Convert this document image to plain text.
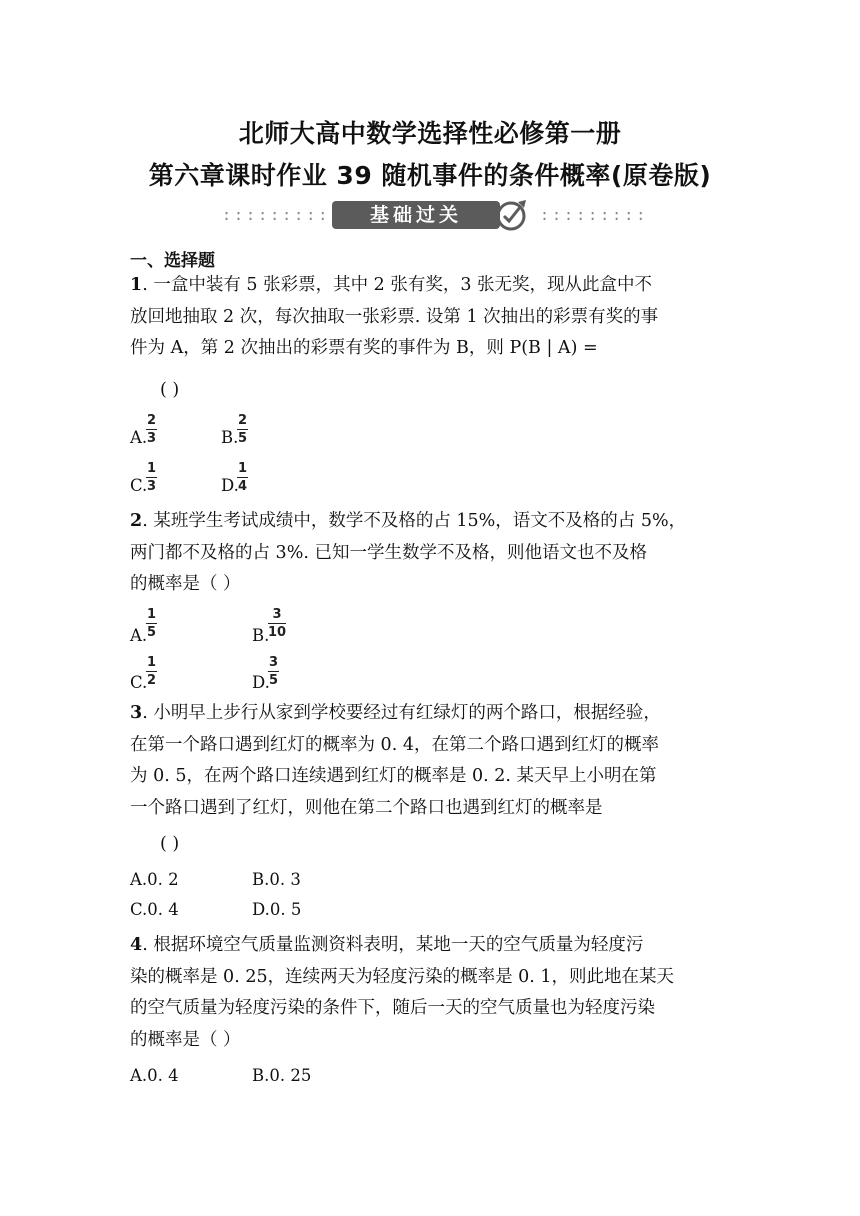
北师大高中数学选择性必修第一册
第六章课时作业 39 随机事件的条件概率(原卷版)
:::::::::	基础过关	:::::::::
一、选择题
1. 一盒中装有 5 张彩票，其中 2 张有奖，3 张无奖，现从此盒中不
放回地抽取 2 次，每次抽取一张彩票. 设第 1 次抽出的彩票有奖的事
件为 A，第 2 次抽出的彩票有奖的事件为 B，则 P(B | A) =
( )
A.
$\frac{2}{3}$	B.
$\frac{2}{5}$
C.
$\frac{1}{3}$	D.
$\frac{1}{4}$
2. 某班学生考试成绩中，数学不及格的占 15%，语文不及格的占 5%，
两门都不及格的占 3%. 已知一学生数学不及格，则他语文也不及格
的概率是（ ）
A.
$\frac{1}{5}$	B.
$\frac{3}{10}$
C.
$\frac{1}{2}$	D.
$\frac{3}{5}$
3. 小明早上步行从家到学校要经过有红绿灯的两个路口，根据经验，
在第一个路口遇到红灯的概率为 0. 4，在第二个路口遇到红灯的概率
为 0. 5，在两个路口连续遇到红灯的概率是 0. 2. 某天早上小明在第
一个路口遇到了红灯，则他在第二个路口也遇到红灯的概率是
( )
A.0. 2	B.0. 3
C.0. 4	D.0. 5
4. 根据环境空气质量监测资料表明，某地一天的空气质量为轻度污
染的概率是 0. 25，连续两天为轻度污染的概率是 0. 1，则此地在某天
的空气质量为轻度污染的条件下，随后一天的空气质量也为轻度污染
的概率是（ ）
A.0. 4	B.0. 25
